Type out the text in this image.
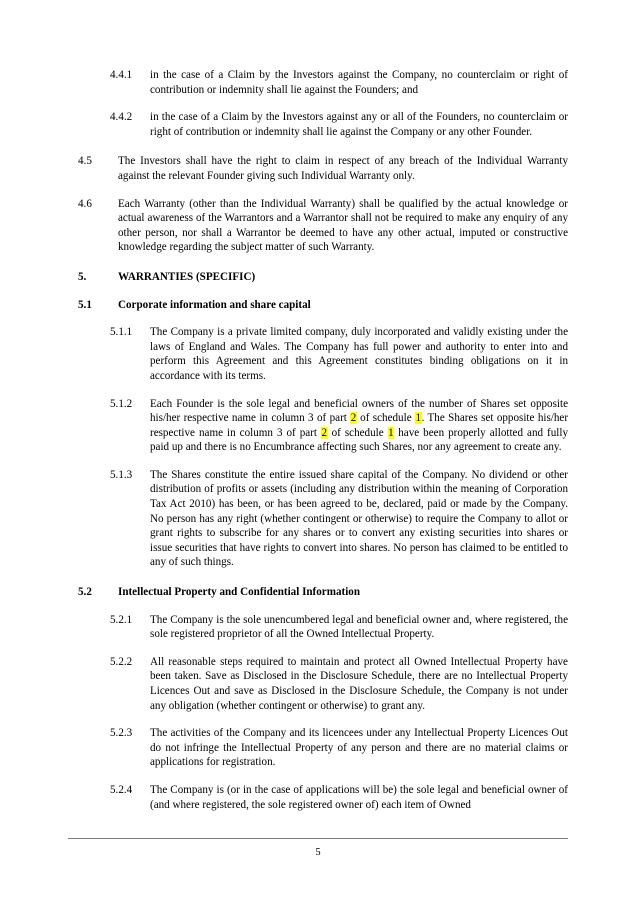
4.4.1	in the case of a Claim by the Investors against the Company, no counterclaim or right of contribution or indemnity shall lie against the Founders; and
4.4.2	in the case of a Claim by the Investors against any or all of the Founders, no counterclaim or right of contribution or indemnity shall lie against the Company or any other Founder.
4.5	The Investors shall have the right to claim in respect of any breach of the Individual Warranty against the relevant Founder giving such Individual Warranty only.
4.6	Each Warranty (other than the Individual Warranty) shall be qualified by the actual knowledge or actual awareness of the Warrantors and a Warrantor shall not be required to make any enquiry of any other person, nor shall a Warrantor be deemed to have any other actual, imputed or constructive knowledge regarding the subject matter of such Warranty.
5.	WARRANTIES (SPECIFIC)
5.1	Corporate information and share capital
5.1.1	The Company is a private limited company, duly incorporated and validly existing under the laws of England and Wales. The Company has full power and authority to enter into and perform this Agreement and this Agreement constitutes binding obligations on it in accordance with its terms.
5.1.2	Each Founder is the sole legal and beneficial owners of the number of Shares set opposite his/her respective name in column 3 of part 2 of schedule 1. The Shares set opposite his/her respective name in column 3 of part 2 of schedule 1 have been properly allotted and fully paid up and there is no Encumbrance affecting such Shares, nor any agreement to create any.
5.1.3	The Shares constitute the entire issued share capital of the Company. No dividend or other distribution of profits or assets (including any distribution within the meaning of Corporation Tax Act 2010) has been, or has been agreed to be, declared, paid or made by the Company. No person has any right (whether contingent or otherwise) to require the Company to allot or grant rights to subscribe for any shares or to convert any existing securities into shares or issue securities that have rights to convert into shares. No person has claimed to be entitled to any of such things.
5.2	Intellectual Property and Confidential Information
5.2.1	The Company is the sole unencumbered legal and beneficial owner and, where registered, the sole registered proprietor of all the Owned Intellectual Property.
5.2.2	All reasonable steps required to maintain and protect all Owned Intellectual Property have been taken. Save as Disclosed in the Disclosure Schedule, there are no Intellectual Property Licences Out and save as Disclosed in the Disclosure Schedule, the Company is not under any obligation (whether contingent or otherwise) to grant any.
5.2.3	The activities of the Company and its licencees under any Intellectual Property Licences Out do not infringe the Intellectual Property of any person and there are no material claims or applications for registration.
5.2.4	The Company is (or in the case of applications will be) the sole legal and beneficial owner of (and where registered, the sole registered owner of) each item of Owned
5
